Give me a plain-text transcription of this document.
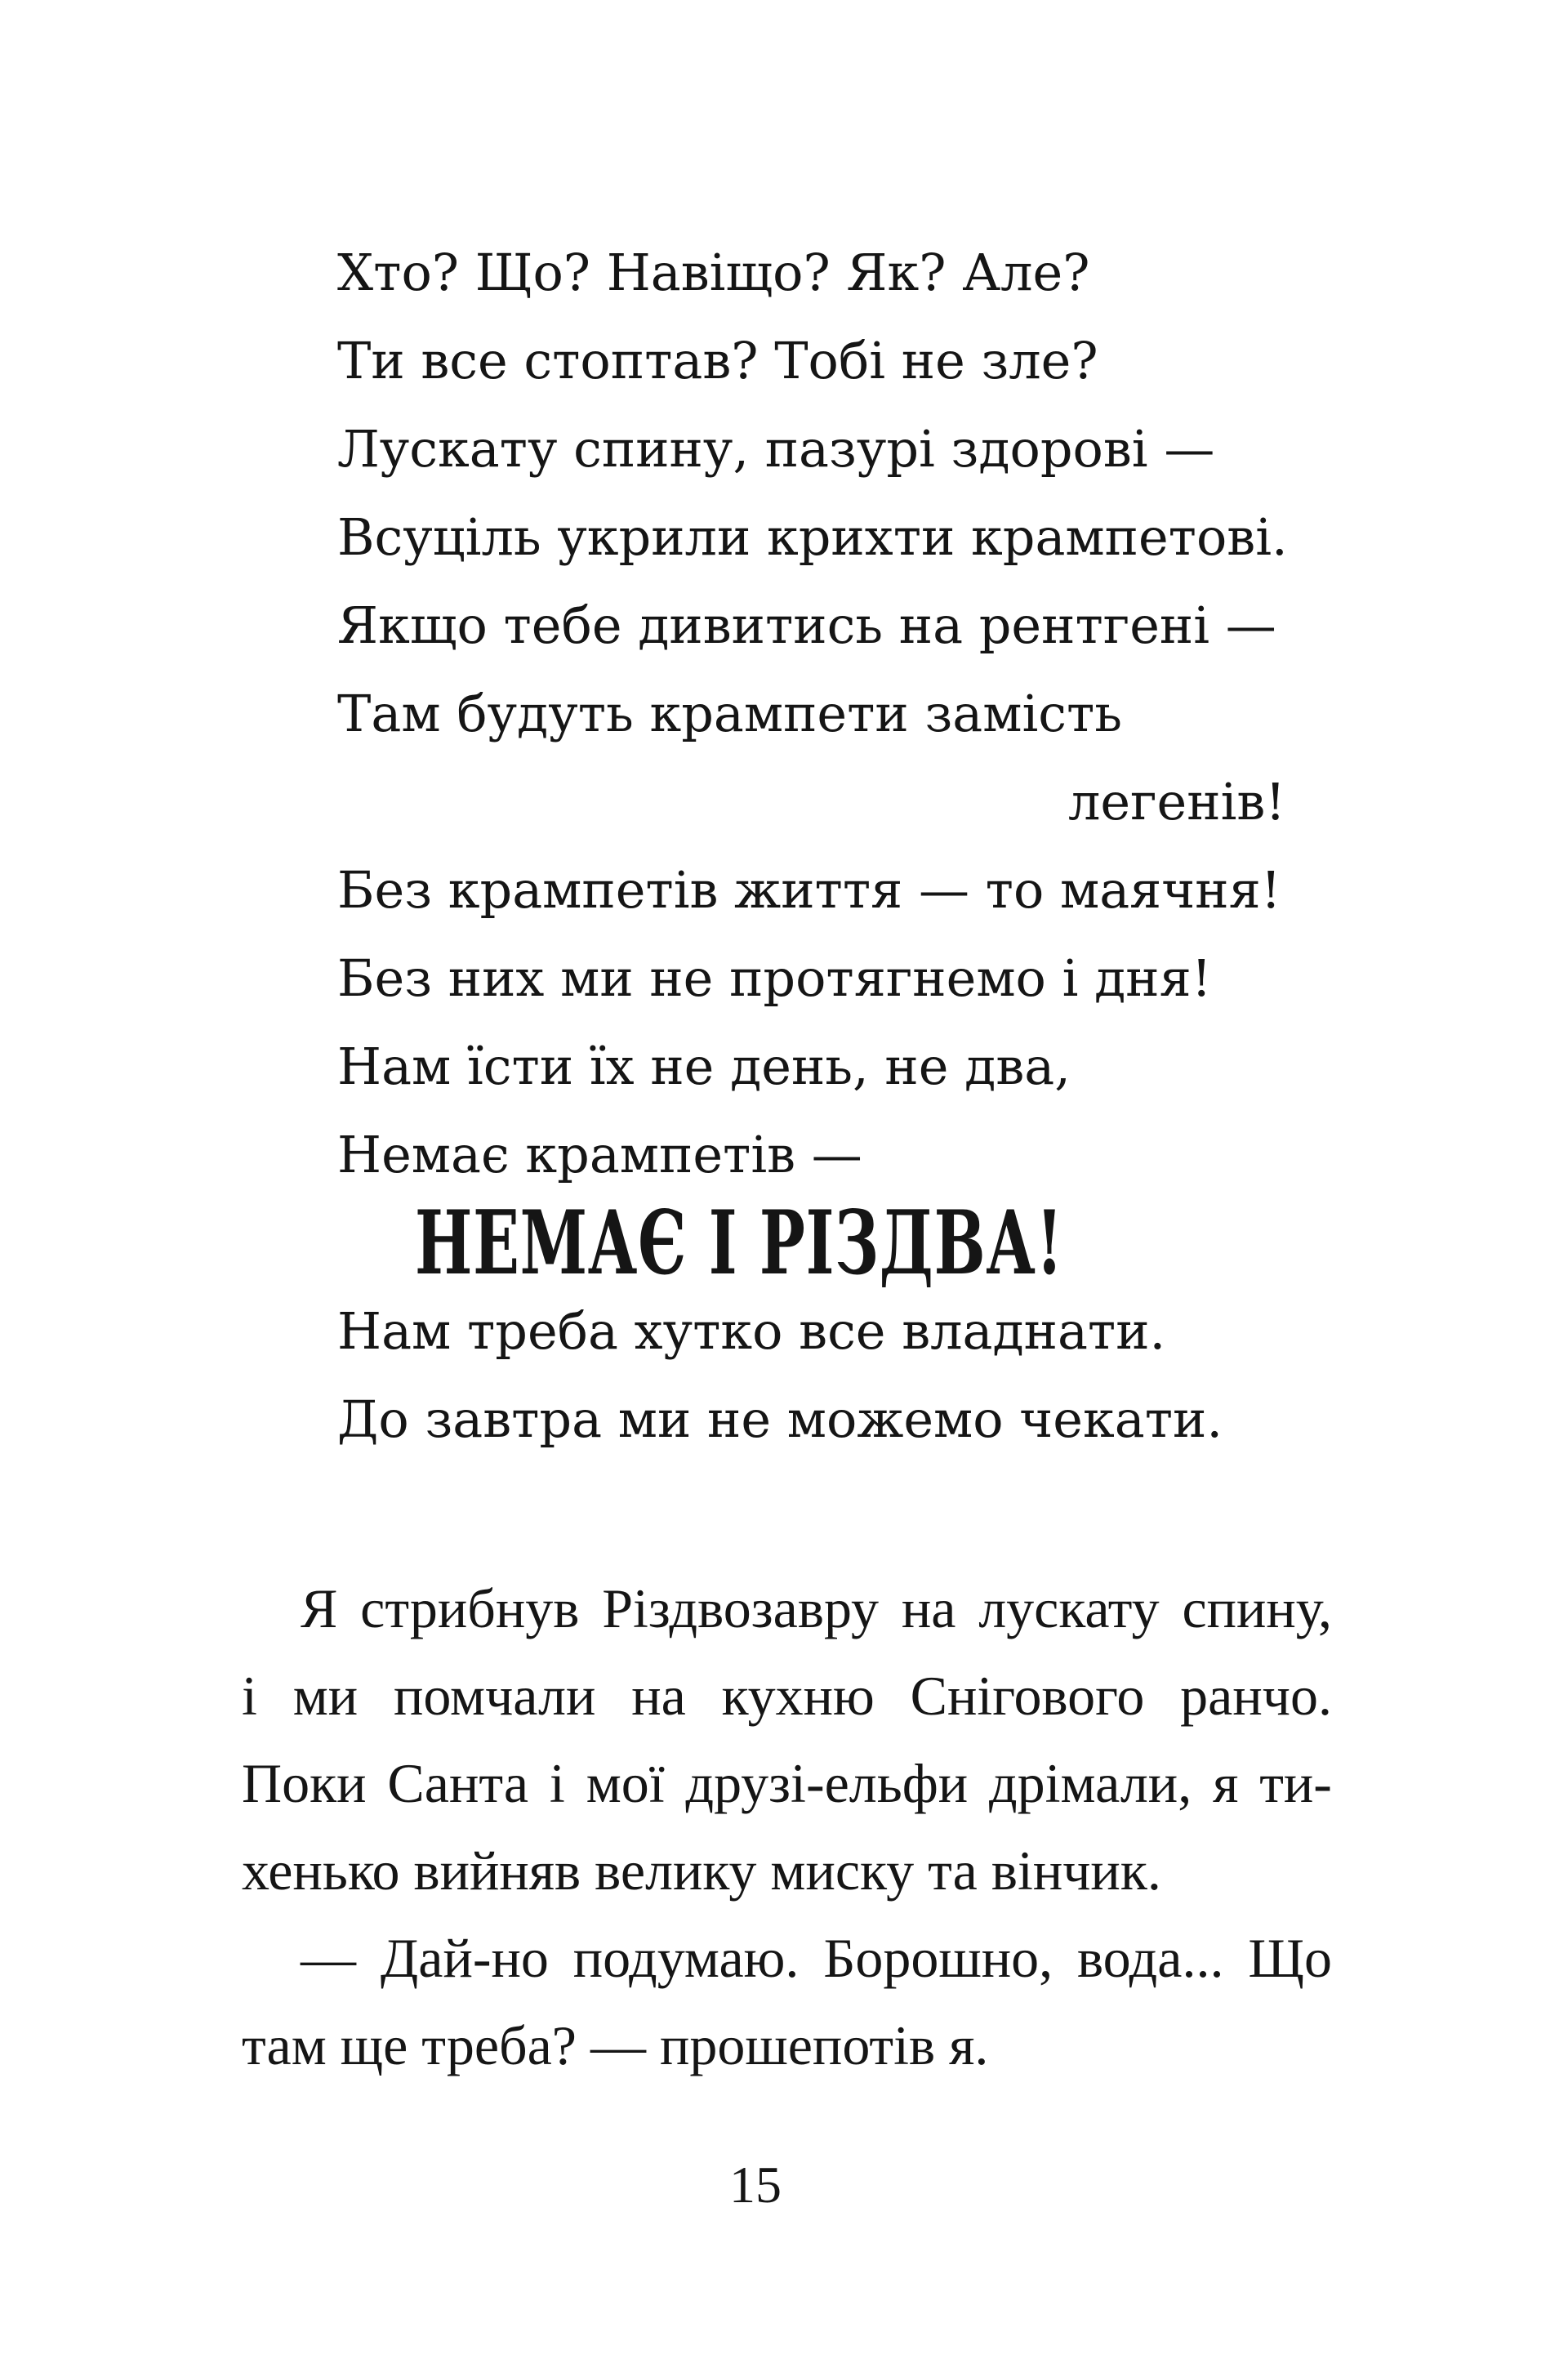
Хто? Що? Навіщо? Як? Але?
Ти все стоптав? Тобі не зле?
Лускату спину, пазурі здорові —
Всуціль укрили крихти крампетові.
Якщо тебе дивитись на рентгені —
Там будуть крампети замість
легенів!
Без крампетів життя — то маячня!
Без них ми не протягнемо і дня!
Нам їсти їх не день, не два,
Немає крампетів —
НЕМАЄ І РІЗДВА!
Нам треба хутко все владнати.
До завтра ми не можемо чекати.
Я стрибнув Різдвозавру на лускату спину,
і ми помчали на кухню Снігового ранчо.
Поки Санта і мої друзі-ельфи дрімали, я ти-
хенько вийняв велику миску та вінчик.
— Дай-но подумаю. Борошно, вода... Що
там ще треба? — прошепотів я.
15
